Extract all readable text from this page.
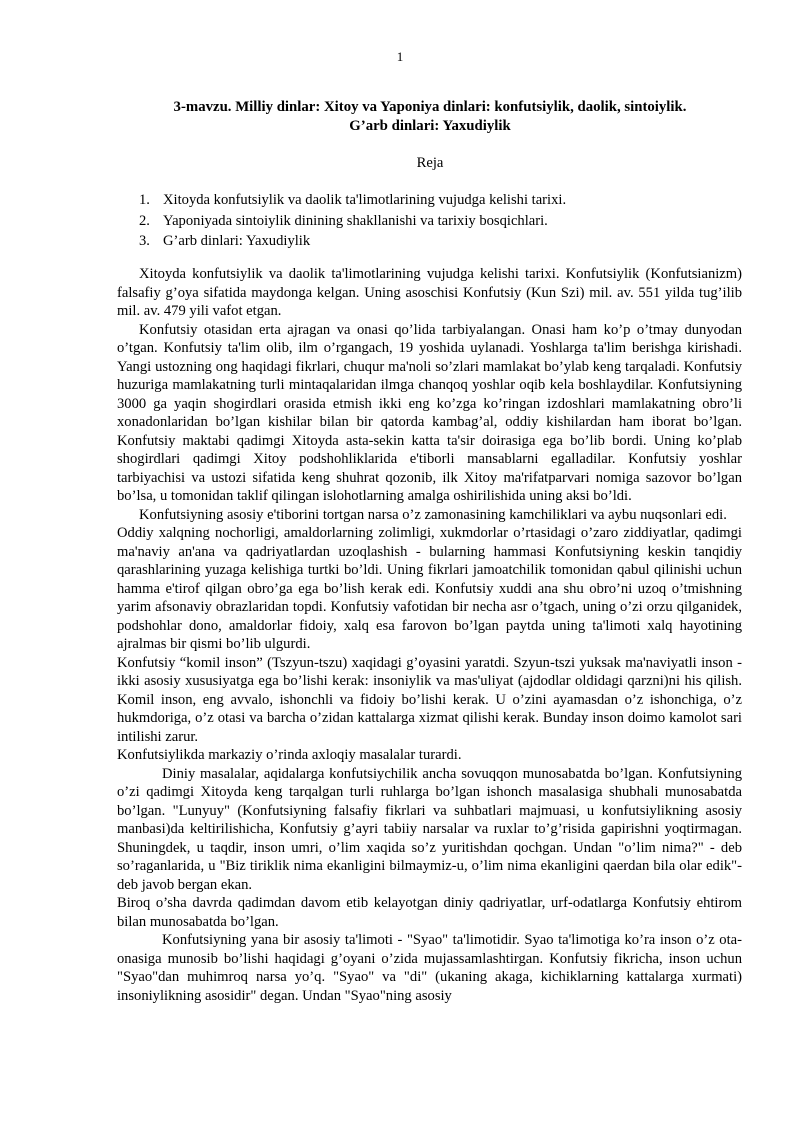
1
3-mavzu. Milliy dinlar: Xitoy va Yaponiya dinlari: konfutsiylik, daolik, sintoiylik.
G’arb dinlari: Yaxudiylik
Reja
1. Xitoyda konfutsiylik va daolik ta'limotlarining vujudga kelishi tarixi.
2. Yaponiyada sintoiylik dinining shakllanishi va tarixiy bosqichlari.
3. G’arb dinlari: Yaxudiylik

Xitoyda konfutsiylik va daolik ta'limotlarining vujudga kelishi tarixi. Konfutsiylik (Konfutsianizm) falsafiy g’oya sifatida maydonga kelgan. Uning asoschisi Konfutsiy (Kun Szi) mil. av. 551 yilda tug’ilib mil. av. 479 yili vafot etgan.

Konfutsiy otasidan erta ajragan va onasi qo’lida tarbiyalangan. Onasi ham ko’p o’tmay dunyodan o’tgan. Konfutsiy ta'lim olib, ilm o’rgangach, 19 yoshida uylanadi. Yoshlarga ta'lim berishga kirishadi. Yangi ustozning ong haqidagi fikrlari, chuqur ma'noli so’zlari mamlakat bo’ylab keng tarqaladi. Konfutsiy huzuriga mamlakatning turli mintaqalaridan ilmga chanqoq yoshlar oqib kela boshlaydilar. Konfutsiyning 3000 ga yaqin shogirdlari orasida etmish ikki eng ko’zga ko’ringan izdoshlari mamlakatning obro’li xonadonlaridan bo’lgan kishilar bilan bir qatorda kambag’al, oddiy kishilardan ham iborat bo’lgan. Konfutsiy maktabi qadimgi Xitoyda asta-sekin katta ta'sir doirasiga ega bo’lib bordi. Uning ko’plab shogirdlari qadimgi Xitoy podshohliklarida e'tiborli mansablarni egalladilar. Konfutsiy yoshlar tarbiyachisi va ustozi sifatida keng shuhrat qozonib, ilk Xitoy ma'rifatparvari nomiga sazovor bo’lgan bo’lsa, u tomonidan taklif qilingan islohotlarning amalga oshirilishida uning aksi bo’ldi.

Konfutsiyning asosiy e'tiborini tortgan narsa o’z zamonasining kamchiliklari va aybu nuqsonlari edi.

Oddiy xalqning nochorligi, amaldorlarning zolimligi, xukmdorlar o’rtasidagi o’zaro ziddiyatlar, qadimgi ma'naviy an'ana va qadriyatlardan uzoqlashish - bularning hammasi Konfutsiyning keskin tanqidiy qarashlarining yuzaga kelishiga turtki bo’ldi. Uning fikrlari jamoatchilik tomonidan qabul qilinishi uchun hamma e'tirof qilgan obro’ga ega bo’lish kerak edi. Konfutsiy xuddi ana shu obro’ni uzoq o’tmishning yarim afsonaviy obrazlaridan topdi. Konfutsiy vafotidan bir necha asr o’tgach, uning o’zi orzu qilganidek, podshohlar dono, amaldorlar fidoiy, xalq esa farovon bo’lgan paytda uning ta'limoti xalq hayotining ajralmas bir qismi bo’lib ulgurdi.

Konfutsiy “komil inson” (Tszyun-tszu) xaqidagi g’oyasini yaratdi. Szyun-tszi yuksak ma'naviyatli inson - ikki asosiy xususiyatga ega bo’lishi kerak: insoniylik va mas'uliyat (ajdodlar oldidagi qarzni)ni his qilish. Komil inson, eng avvalo, ishonchli va fidoiy bo’lishi kerak. U o’zini ayamasdan o’z ishonchiga, o’z hukmdoriga, o’z otasi va barcha o’zidan kattalarga xizmat qilishi kerak. Bunday inson doimo kamolot sari intilishi zarur.

Konfutsiylikda markaziy o’rinda axloqiy masalalar turardi.

Diniy masalalar, aqidalarga konfutsiychilik ancha sovuqqon munosabatda bo’lgan. Konfutsiyning o’zi qadimgi Xitoyda keng tarqalgan turli ruhlarga bo’lgan ishonch masalasiga shubhali munosabatda bo’lgan. "Lunyuy" (Konfutsiyning falsafiy fikrlari va suhbatlari majmuasi, u konfutsiylikning asosiy manbasi)da keltirilishicha, Konfutsiy g’ayri tabiiy narsalar va ruxlar to’g’risida gapirishni yoqtirmagan. Shuningdek, u taqdir, inson umri, o’lim xaqida so’z yuritishdan qochgan. Undan "o’lim nima?" - deb so’raganlarida, u "Biz tiriklik nima ekanligini bilmaymiz-u, o’lim nima ekanligini qaerdan bila olar edik"- deb javob bergan ekan.

Biroq o’sha davrda qadimdan davom etib kelayotgan diniy qadriyatlar, urf-odatlarga Konfutsiy ehtirom bilan munosabatda bo’lgan.

Konfutsiyning yana bir asosiy ta'limoti - "Syao" ta'limotidir. Syao ta'limotiga ko’ra inson o’z ota-onasiga munosib bo’lishi haqidagi g’oyani o’zida mujassamlashtirgan. Konfutsiy fikricha, inson uchun "Syao"dan muhimroq narsa yo’q. "Syao" va "di" (ukaning akaga, kichiklarning kattalarga xurmati) insoniylikning asosidir" degan. Undan "Syao"ning asosiy
